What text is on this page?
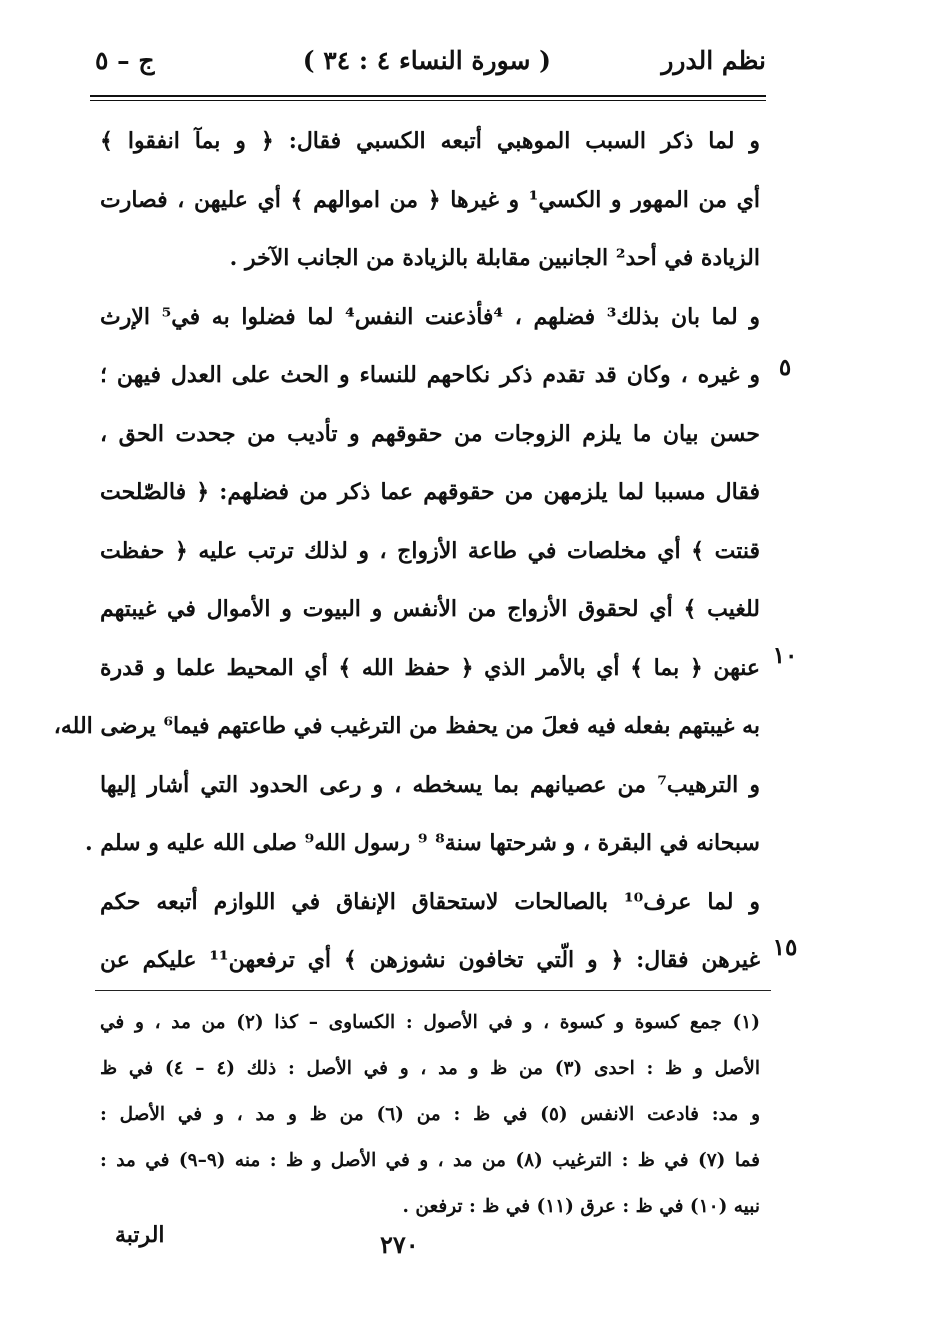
نظم الدرر
( سورة النساء ٤ : ٣٤ )
ج – ٥
٥
١٠
١٥
و لما ذكر السبب الموهبي أتبعه الكسبي فقال: ﴿ و بمآ انفقوا ﴾
أي من المهور و الكسي¹ و غيرها ﴿ من اموالهم ﴾ أي عليهن ، فصارت
الزيادة في أحد² الجانبين مقابلة بالزيادة من الجانب الآخر .
و لما بان بذلك³ فضلهم ، ⁴فأذعنت النفس⁴ لما فضلوا به في⁵ الإرث
و غيره ، وكان قد تقدم ذكر نكاحهم للنساء و الحث على العدل فيهن ؛
حسن بيان ما يلزم الزوجات من حقوقهم و تأديب من جحدت الحق ،
فقال مسببا لما يلزمهن من حقوقهم عما ذكر من فضلهم: ﴿ فالصّٰلحت
قنتت ﴾ أي مخلصات في طاعة الأزواج ، و لذلك ترتب عليه ﴿ حفظت
للغيب ﴾ أي لحقوق الأزواج من الأنفس و البيوت و الأموال في غيبتهم
عنهن ﴿ بما ﴾ أي بالأمر الذي ﴿ حفظ الله ﴾ أي المحيط علما و قدرة
به غيبتهم بفعله فيه فعلَ من يحفظ من الترغيب في طاعتهم فيما⁶ يرضى الله،
و الترهيب⁷ من عصيانهم بما يسخطه ، و رعى الحدود التي أشار إليها
سبحانه في البقرة ، و شرحتها سنة⁸ ⁹ رسول الله⁹ صلى الله عليه و سلم .
و لما عرف¹⁰ بالصالحات لاستحقاق الإنفاق في اللوازم أتبعه حكم
غيرهن فقال: ﴿ و الّتي تخافون نشوزهن ﴾ أي ترفعهن¹¹ عليكم عن
(١) جمع كسوة و كسوة ، و في الأصول : الكساوى – كذا (٢) من مد ، و في
الأصل و ظ : احدى (٣) من ظ و مد ، و في الأصل : ذلك (٤ – ٤) في ظ
و مد: فادعت الانفس (٥) في ظ : من (٦) من ظ و مد ، و في الأصل :
فما (٧) في ظ : الترغيب (٨) من مد ، و في الأصل و ظ : منه (٩–٩) في مد :
نبيه (١٠) في ظ : عرق (١١) في ظ : ترفعن .
الرتبة	٢٧٠
